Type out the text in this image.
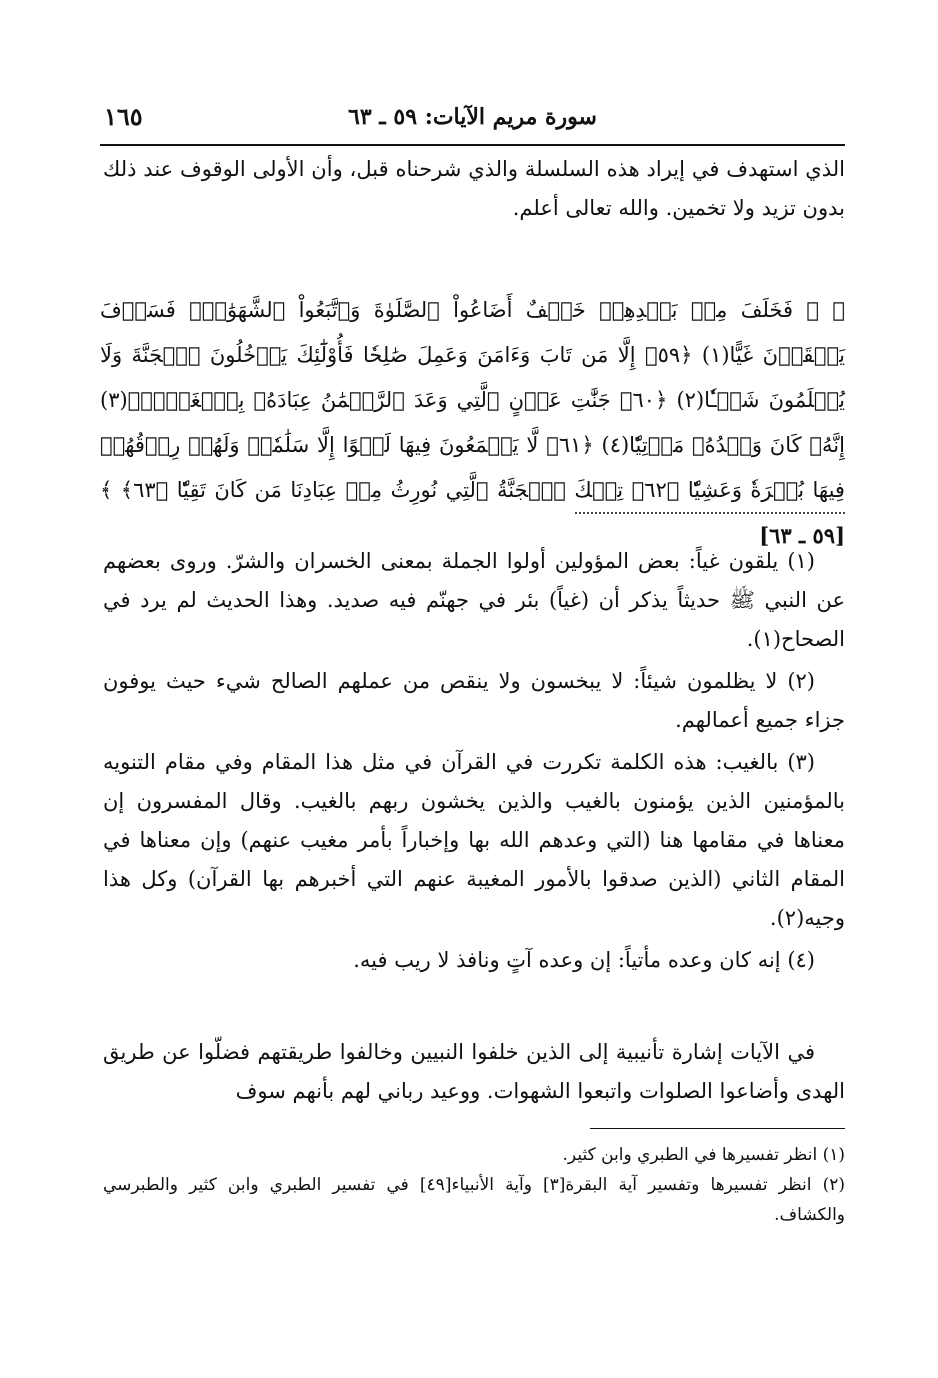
سورة مريم الآيات: ٥٩ ـ ٦٣
١٦٥

الذي استهدف في إيراد هذه السلسلة والذي شرحناه قبل، وأن الأولى الوقوف عند ذلك بدون تزيد ولا تخمين. والله تعالى أعلم.

﴿ ۞ فَخَلَفَ مِنۢ بَعۡدِهِمۡ خَلۡفٌ أَضَاعُواْ ٱلصَّلَوٰةَ وَٱتَّبَعُواْ ٱلشَّهَوَٰتِۖ فَسَوۡفَ يَلۡقَوۡنَ غَيًّا(١) ﴿٥٩﴾ إِلَّا مَن تَابَ وَءَامَنَ وَعَمِلَ صَٰلِحٗا فَأُوْلَٰٓئِكَ يَدۡخُلُونَ ٱلۡجَنَّةَ وَلَا يُظۡلَمُونَ شَيۡـٔٗا(٢) ﴿٦٠﴾ جَنَّٰتِ عَدۡنٍ ٱلَّتِي وَعَدَ ٱلرَّحۡمَٰنُ عِبَادَهُۥ بِٱلۡغَيۡبِۚ(٣) إِنَّهُۥ كَانَ وَعۡدُهُۥ مَأۡتِيّٗا(٤) ﴿٦١﴾ لَّا يَسۡمَعُونَ فِيهَا لَغۡوًا إِلَّا سَلَٰمٗاۖ وَلَهُمۡ رِزۡقُهُمۡ فِيهَا بُكۡرَةٗ وَعَشِيّٗا ﴿٦٢﴾ تِلۡكَ ٱلۡجَنَّةُ ٱلَّتِي نُورِثُ مِنۡ عِبَادِنَا مَن كَانَ تَقِيّٗا ﴿٦٣﴾ ﴾ [٥٩ ـ ٦٣]

(١) يلقون غياً: بعض المؤولين أولوا الجملة بمعنى الخسران والشرّ. وروى بعضهم عن النبي ﷺ حديثاً يذكر أن (غياً) بئر في جهنّم فيه صديد. وهذا الحديث لم يرد في الصحاح(١).

(٢) لا يظلمون شيئاً: لا يبخسون ولا ينقص من عملهم الصالح شيء حيث يوفون جزاء جميع أعمالهم.

(٣) بالغيب: هذه الكلمة تكررت في القرآن في مثل هذا المقام وفي مقام التنويه بالمؤمنين الذين يؤمنون بالغيب والذين يخشون ربهم بالغيب. وقال المفسرون إن معناها في مقامها هنا (التي وعدهم الله بها وإخباراً بأمر مغيب عنهم) وإن معناها في المقام الثاني (الذين صدقوا بالأمور المغيبة عنهم التي أخبرهم بها القرآن) وكل هذا وجيه(٢).

(٤) إنه كان وعده مأتياً: إن وعده آتٍ ونافذ لا ريب فيه.

في الآيات إشارة تأنيبية إلى الذين خلفوا النبيين وخالفوا طريقتهم فضلّوا عن طريق الهدى وأضاعوا الصلوات واتبعوا الشهوات. ووعيد رباني لهم بأنهم سوف

(١) انظر تفسيرها في الطبري وابن كثير.

(٢) انظر تفسيرها وتفسير آية البقرة[٣] وآية الأنبياء[٤٩] في تفسير الطبري وابن كثير والطبرسي والكشاف.
